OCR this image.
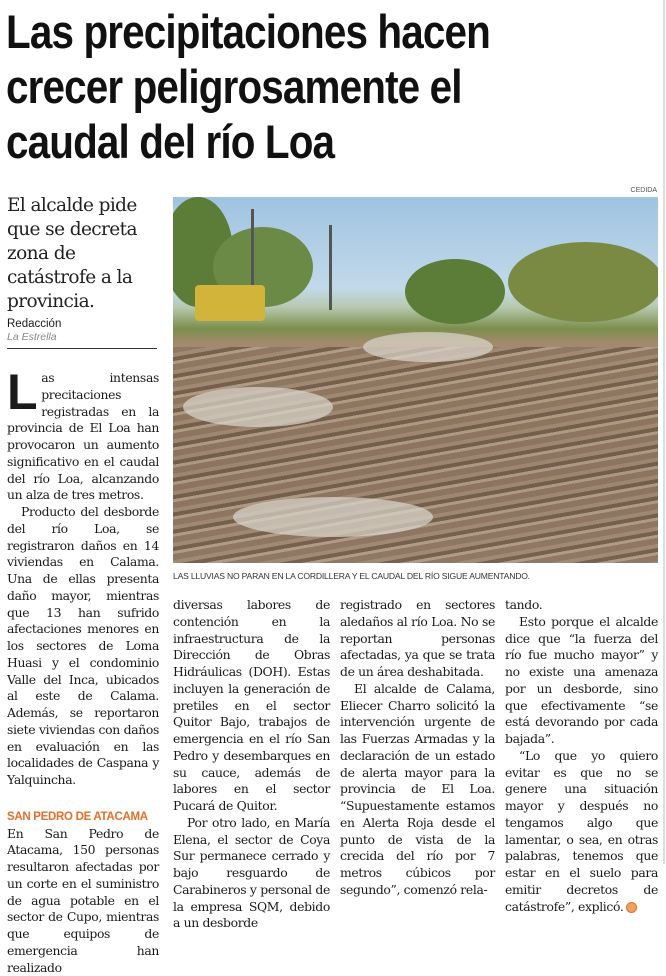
Las precipitaciones hacen
crecer peligrosamente el
caudal del río Loa
El alcalde pide que se decreta zona de catástrofe a la provincia.
Redacción
La Estrella
CEDIDA
LAS LLUVIAS NO PARAN EN LA CORDILLERA Y EL CAUDAL DEL RÍO SIGUE AUMENTANDO.

Las intensas precitaciones registradas en la provincia de El Loa han provocaron un aumento significativo en el caudal del río Loa, alcanzando un alza de tres metros.

Producto del desborde del río Loa, se registraron daños en 14 viviendas en Calama. Una de ellas presenta daño mayor, mientras que 13 han sufrido afectaciones menores en los sectores de Loma Huasi y el condominio Valle del Inca, ubicados al este de Calama. Además, se reportaron siete viviendas con daños en evaluación en las localidades de Caspana y Yalquincha.

SAN PEDRO DE ATACAMA

En San Pedro de Atacama, 150 personas resultaron afectadas por un corte en el suministro de agua potable en el sector de Cupo, mientras que equipos de emergencia han realizado

diversas labores de contención en la infraestructura de la Dirección de Obras Hidráulicas (DOH). Estas incluyen la generación de pretiles en el sector Quitor Bajo, trabajos de emergencia en el río San Pedro y desembarques en su cauce, además de labores en el sector Pucará de Quitor.

Por otro lado, en María Elena, el sector de Coya Sur permanece cerrado y bajo resguardo de Carabineros y personal de la empresa SQM, debido a un desborde

registrado en sectores aledaños al río Loa. No se reportan personas afectadas, ya que se trata de un área deshabitada.

El alcalde de Calama, Eliecer Charro solicitó la intervención urgente de las Fuerzas Armadas y la declaración de un estado de alerta mayor para la provincia de El Loa. “Supuestamente estamos en Alerta Roja desde el punto de vista de la crecida del río por 7 metros cúbicos por segundo”, comenzó rela-

tando.

Esto porque el alcalde dice que “la fuerza del río fue mucho mayor” y no existe una amenaza por un desborde, sino que efectivamente “se está devorando por cada bajada”.

“Lo que yo quiero evitar es que no se genere una situación mayor y después no tengamos algo que lamentar, o sea, en otras palabras, tenemos que estar en el suelo para emitir decretos de catástrofe”, explicó.
